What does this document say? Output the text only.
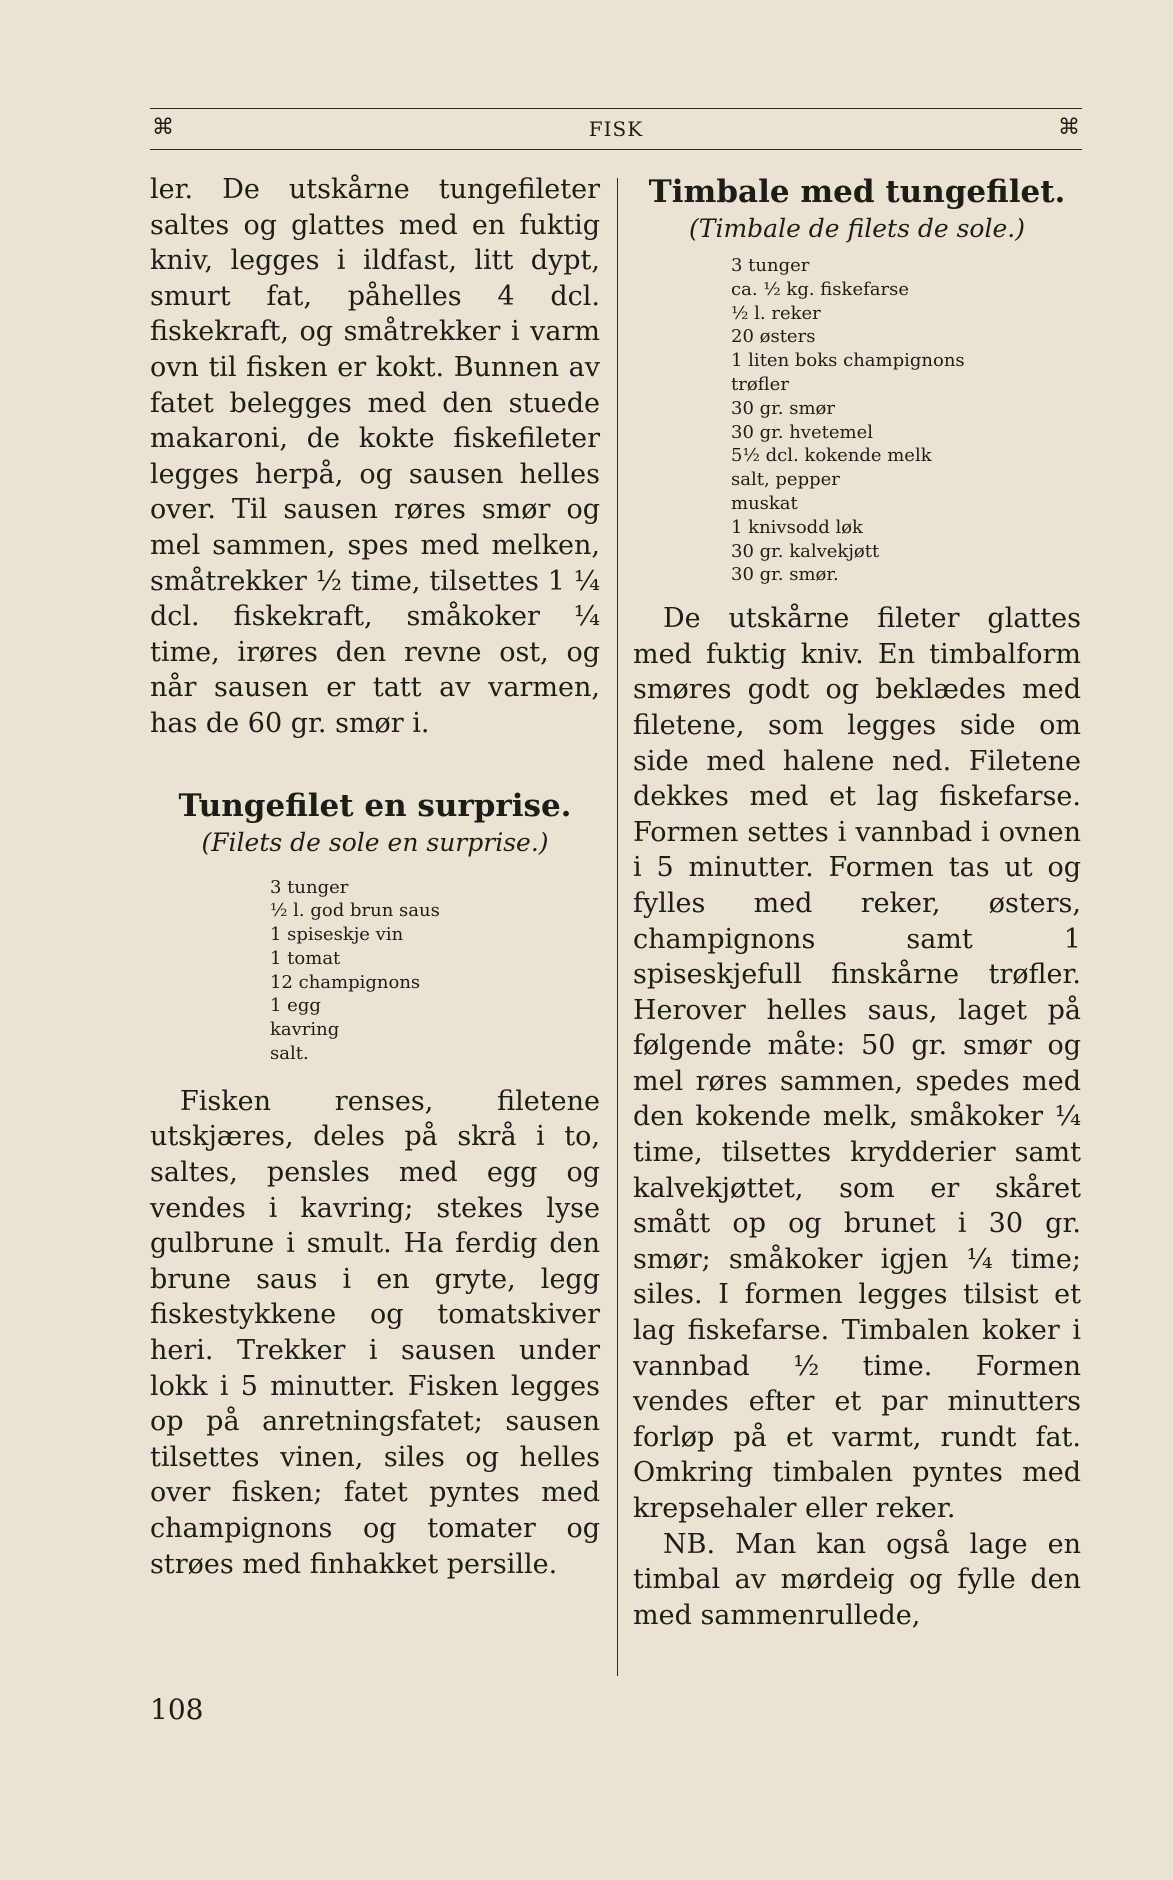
⌘	FISK	⌘

ler. De utskårne tungefileter saltes og glattes med en fuktig kniv, legges i ildfast, litt dypt, smurt fat, påhelles 4 dcl. fiskekraft, og småtrekker i varm ovn til fisken er kokt. Bunnen av fatet belegges med den stuede makaroni, de kokte fiskefileter legges herpå, og sausen helles over. Til sausen røres smør og mel sammen, spes med melken, småtrekker ½ time, tilsettes 1 ¼ dcl. fiskekraft, småkoker ¼ time, irøres den revne ost, og når sausen er tatt av varmen, has de 60 gr. smør i.

Tungefilet en surprise.

(Filets de sole en surprise.)

3 tunger
½ l. god brun saus
1 spiseskje vin
1 tomat
12 champignons
1 egg
kavring
salt.

Fisken renses, filetene utskjæres, deles på skrå i to, saltes, pensles med egg og vendes i kavring; stekes lyse gulbrune i smult. Ha ferdig den brune saus i en gryte, legg fiskestykkene og tomatskiver heri. Trekker i sausen under lokk i 5 minutter. Fisken legges op på anretningsfatet; sausen tilsettes vinen, siles og helles over fisken; fatet pyntes med champignons og tomater og strøes med finhakket persille.

Timbale med tungefilet.

(Timbale de filets de sole.)

3 tunger
ca. ½ kg. fiskefarse
½ l. reker
20 østers
1 liten boks champignons
trøfler
30 gr. smør
30 gr. hvetemel
5½ dcl. kokende melk
salt, pepper
muskat
1 knivsodd løk
30 gr. kalvekjøtt
30 gr. smør.

De utskårne fileter glattes med fuktig kniv. En timbalform smøres godt og beklædes med filetene, som legges side om side med halene ned. Filetene dekkes med et lag fiskefarse. Formen settes i vannbad i ovnen i 5 minutter. Formen tas ut og fylles med reker, østers, champignons samt 1 spiseskjefull finskårne trøfler. Herover helles saus, laget på følgende måte: 50 gr. smør og mel røres sammen, spedes med den kokende melk, småkoker ¼ time, tilsettes krydderier samt kalvekjøttet, som er skåret smått op og brunet i 30 gr. smør; småkoker igjen ¼ time; siles. I formen legges tilsist et lag fiskefarse. Timbalen koker i vannbad ½ time. Formen vendes efter et par minutters forløp på et varmt, rundt fat. Omkring timbalen pyntes med krepsehaler eller reker.

NB. Man kan også lage en timbal av mørdeig og fylle den med sammenrullede,

108
